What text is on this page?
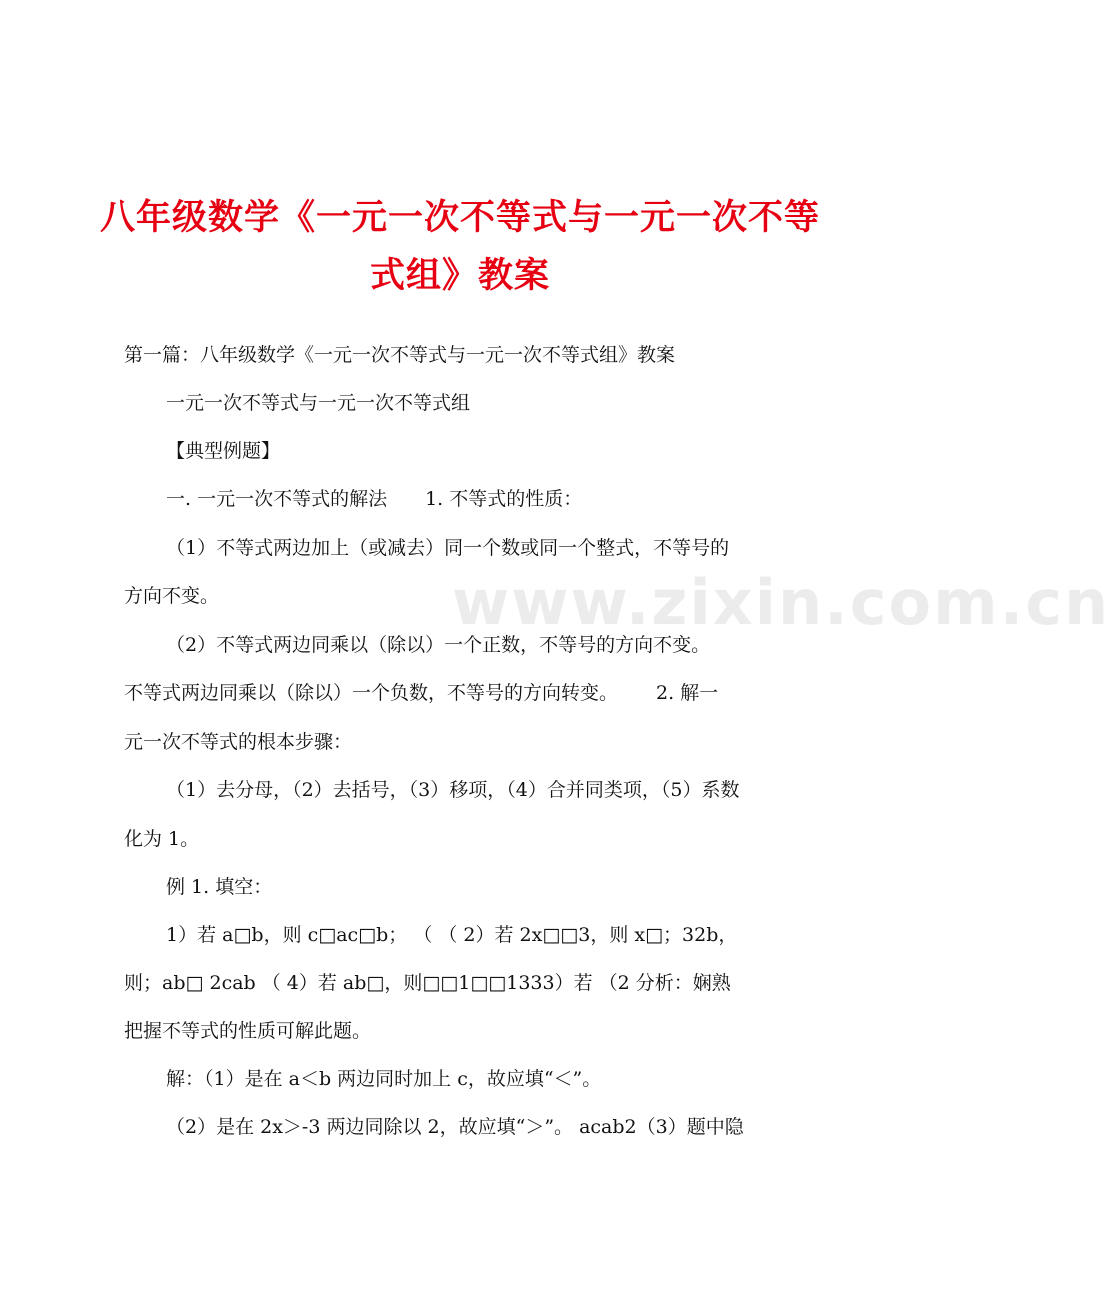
www.zixin.com.cn
八年级数学《一元一次不等式与一元一次不等
式组》教案

第一篇：八年级数学《一元一次不等式与一元一次不等式组》教案

一元一次不等式与一元一次不等式组

【典型例题】

一. 一元一次不等式的解法 1. 不等式的性质：

（1）不等式两边加上（或减去）同一个数或同一个整式，不等号的

方向不变。

（2）不等式两边同乘以（除以）一个正数，不等号的方向不变。

不等式两边同乘以（除以）一个负数，不等号的方向转变。 2. 解一

元一次不等式的根本步骤：

（1）去分母，（2）去括号，（3）移项，（4）合并同类项，（5）系数

化为 1。

例 1. 填空：

1）若 a□b，则 c□ac□b； （ （ 2）若 2x□□3，则 x□；32b，

则；ab□ 2cab （ 4）若 ab□，则□□1□□1333）若 （2 分析：娴熟

把握不等式的性质可解此题。

解：（1）是在 a＜b 两边同时加上 c，故应填“＜”。

（2）是在 2x＞-3 两边同除以 2，故应填“＞”。 acab2（3）题中隐
